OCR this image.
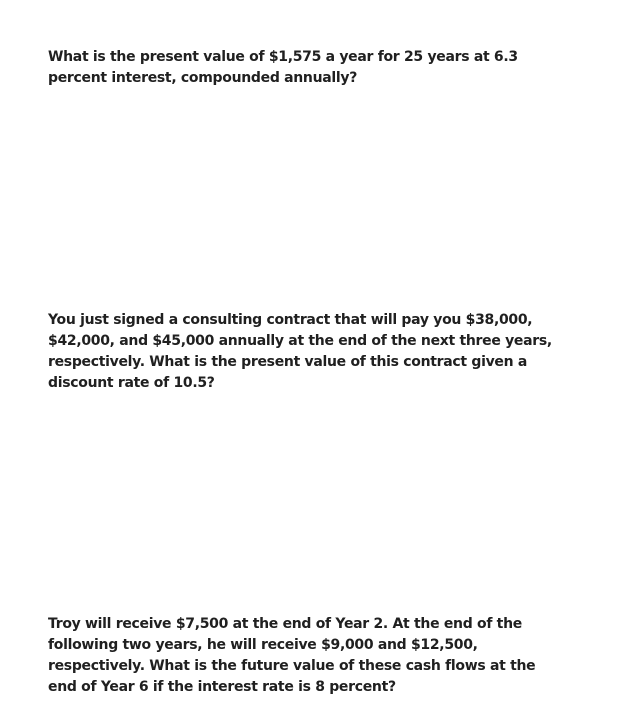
What is the present value of $1,575 a year for 25 years at 6.3
percent interest, compounded annually?

You just signed a consulting contract that will pay you $38,000,
$42,000, and $45,000 annually at the end of the next three years,
respectively. What is the present value of this contract given a
discount rate of 10.5?

Troy will receive $7,500 at the end of Year 2. At the end of the
following two years, he will receive $9,000 and $12,500,
respectively. What is the future value of these cash flows at the
end of Year 6 if the interest rate is 8 percent?
